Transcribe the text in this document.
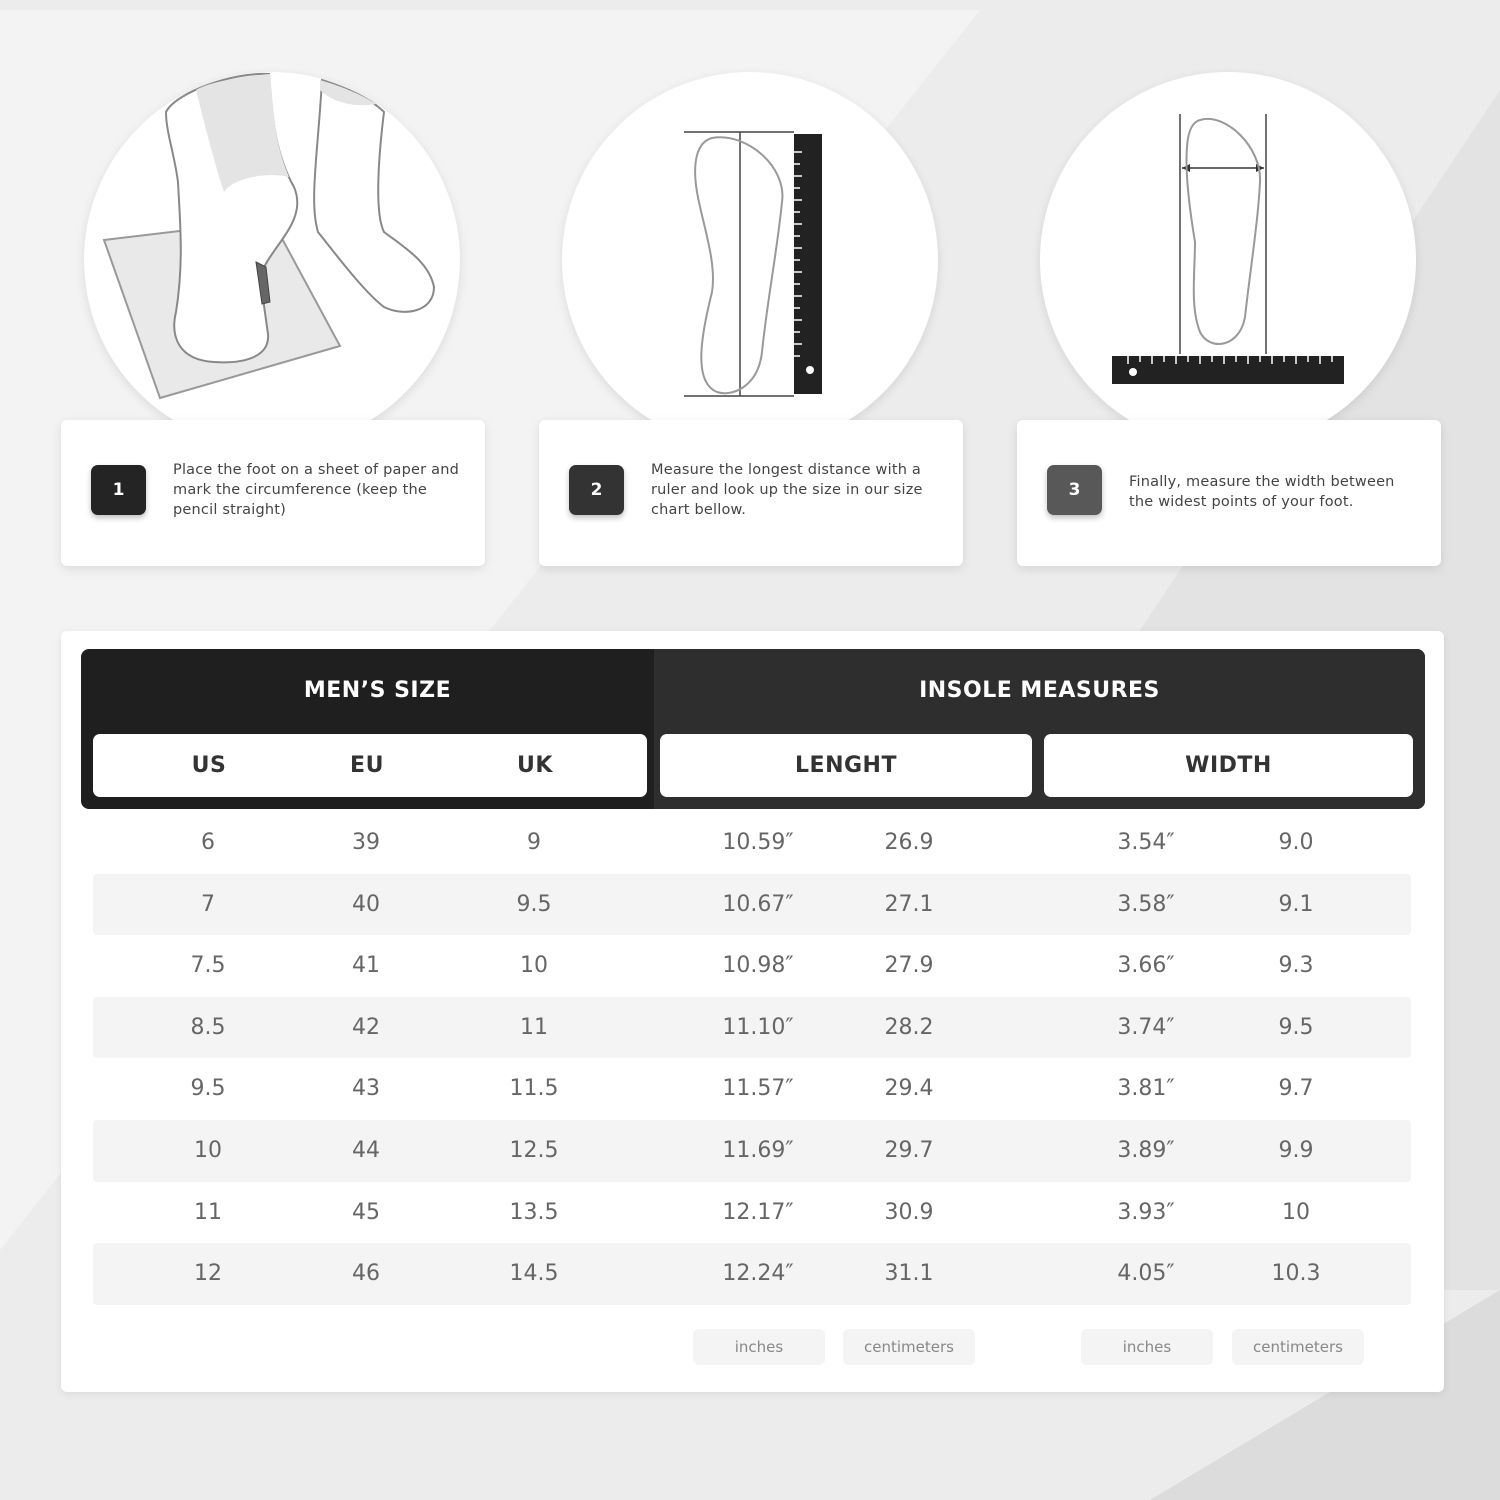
1
Place the foot on a sheet of paper and mark the circumference (keep the pencil straight)
2
Measure the longest distance with a ruler and look up the size in our size chart bellow.
3	Finally, measure the width between the widest points of your foot.
MEN’S SIZE	INSOLE MEASURES
US	EU	UK	LENGHT	WIDTH
inches	centimeters	inches	centimeters
6	39	9	10.59″	26.9	3.54″	9.0
7	40	9.5	10.67″	27.1	3.58″	9.1
7.5	41	10	10.98″	27.9	3.66″	9.3
8.5	42	11	11.10″	28.2	3.74″	9.5
9.5	43	11.5	11.57″	29.4	3.81″	9.7
10	44	12.5	11.69″	29.7	3.89″	9.9
11	45	13.5	12.17″	30.9	3.93″	10
12	46	14.5	12.24″	31.1	4.05″	10.3
